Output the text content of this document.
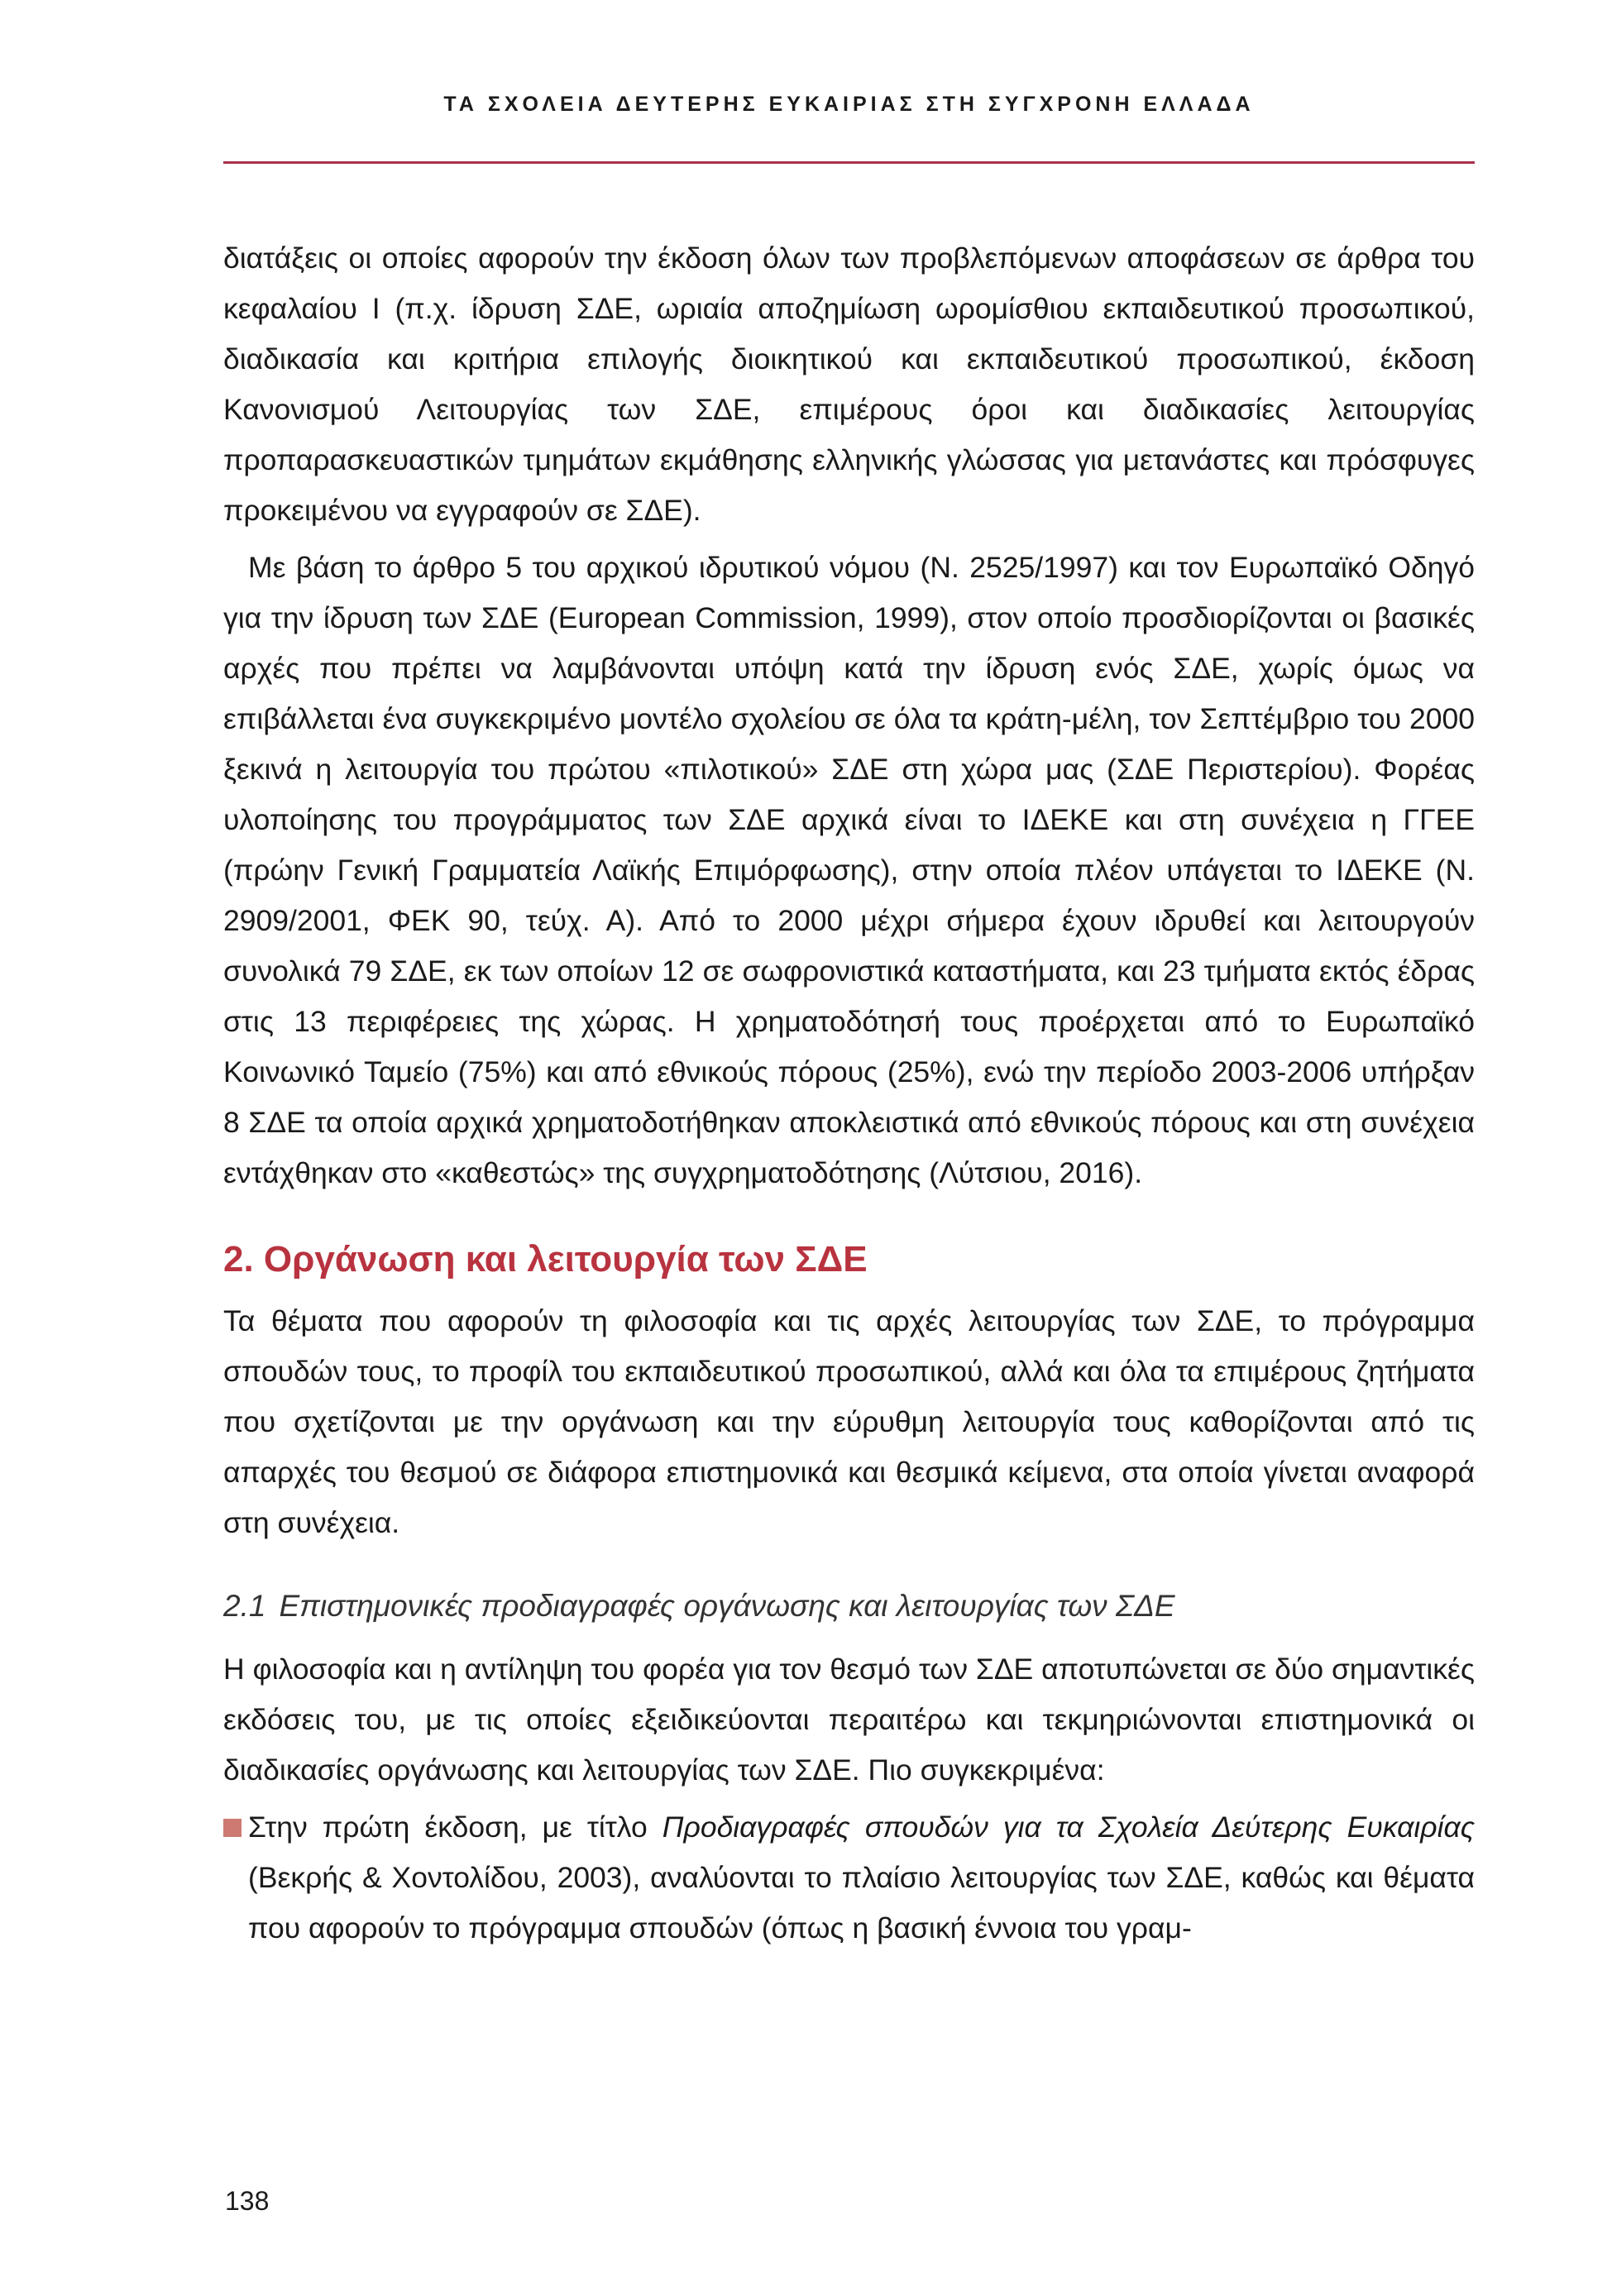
ΤΑ ΣΧΟΛΕΙΑ ΔΕΥΤΕΡΗΣ ΕΥΚΑΙΡΙΑΣ ΣΤΗ ΣΥΓΧΡΟΝΗ ΕΛΛΑΔΑ

διατάξεις οι οποίες αφορούν την έκδοση όλων των προβλεπόμενων αποφάσεων σε άρθρα του κεφαλαίου Ι (π.χ. ίδρυση ΣΔΕ, ωριαία αποζημίωση ωρομίσθιου εκπαιδευτικού προσωπικού, διαδικασία και κριτήρια επιλογής διοικητικού και εκπαιδευτικού προσωπικού, έκδοση Κανονισμού Λειτουργίας των ΣΔΕ, επιμέρους όροι και διαδικασίες λειτουργίας προπαρασκευαστικών τμημάτων εκμάθησης ελληνικής γλώσσας για μετανάστες και πρόσφυγες προκειμένου να εγγραφούν σε ΣΔΕ).

Με βάση το άρθρο 5 του αρχικού ιδρυτικού νόμου (Ν. 2525/1997) και τον Ευρωπαϊκό Οδηγό για την ίδρυση των ΣΔΕ (European Commission, 1999), στον οποίο προσδιορίζονται οι βασικές αρχές που πρέπει να λαμβάνονται υπόψη κατά την ίδρυση ενός ΣΔΕ, χωρίς όμως να επιβάλλεται ένα συγκεκριμένο μοντέλο σχολείου σε όλα τα κράτη-μέλη, τον Σεπτέμβριο του 2000 ξεκινά η λειτουργία του πρώτου «πιλοτικού» ΣΔΕ στη χώρα μας (ΣΔΕ Περιστερίου). Φορέας υλοποίησης του προγράμματος των ΣΔΕ αρχικά είναι το ΙΔΕΚΕ και στη συνέχεια η ΓΓΕΕ (πρώην Γενική Γραμματεία Λαϊκής Επιμόρφωσης), στην οποία πλέον υπάγεται το ΙΔΕΚΕ (Ν. 2909/2001, ΦΕΚ 90, τεύχ. Α). Από το 2000 μέχρι σήμερα έχουν ιδρυθεί και λειτουργούν συνολικά 79 ΣΔΕ, εκ των οποίων 12 σε σωφρονιστικά καταστήματα, και 23 τμήματα εκτός έδρας στις 13 περιφέρειες της χώρας. Η χρηματοδότησή τους προέρχεται από το Ευρωπαϊκό Κοινωνικό Ταμείο (75%) και από εθνικούς πόρους (25%), ενώ την περίοδο 2003-2006 υπήρξαν 8 ΣΔΕ τα οποία αρχικά χρηματοδοτήθηκαν αποκλειστικά από εθνικούς πόρους και στη συνέχεια εντάχθηκαν στο «καθεστώς» της συγχρηματοδότησης (Λύτσιου, 2016).

2. Οργάνωση και λειτουργία των ΣΔΕ

Τα θέματα που αφορούν τη φιλοσοφία και τις αρχές λειτουργίας των ΣΔΕ, το πρόγραμμα σπουδών τους, το προφίλ του εκπαιδευτικού προσωπικού, αλλά και όλα τα επιμέρους ζητήματα που σχετίζονται με την οργάνωση και την εύρυθμη λειτουργία τους καθορίζονται από τις απαρχές του θεσμού σε διάφορα επιστημονικά και θεσμικά κείμενα, στα οποία γίνεται αναφορά στη συνέχεια.

2.1 Επιστημονικές προδιαγραφές οργάνωσης και λειτουργίας των ΣΔΕ

Η φιλοσοφία και η αντίληψη του φορέα για τον θεσμό των ΣΔΕ αποτυπώνεται σε δύο σημαντικές εκδόσεις του, με τις οποίες εξειδικεύονται περαιτέρω και τεκμηριώνονται επιστημονικά οι διαδικασίες οργάνωσης και λειτουργίας των ΣΔΕ. Πιο συγκεκριμένα:

Στην πρώτη έκδοση, με τίτλο Προδιαγραφές σπουδών για τα Σχολεία Δεύτερης Ευκαιρίας (Βεκρής & Χοντολίδου, 2003), αναλύονται το πλαίσιο λειτουργίας των ΣΔΕ, καθώς και θέματα που αφορούν το πρόγραμμα σπουδών (όπως η βασική έννοια του γραμ-
138
